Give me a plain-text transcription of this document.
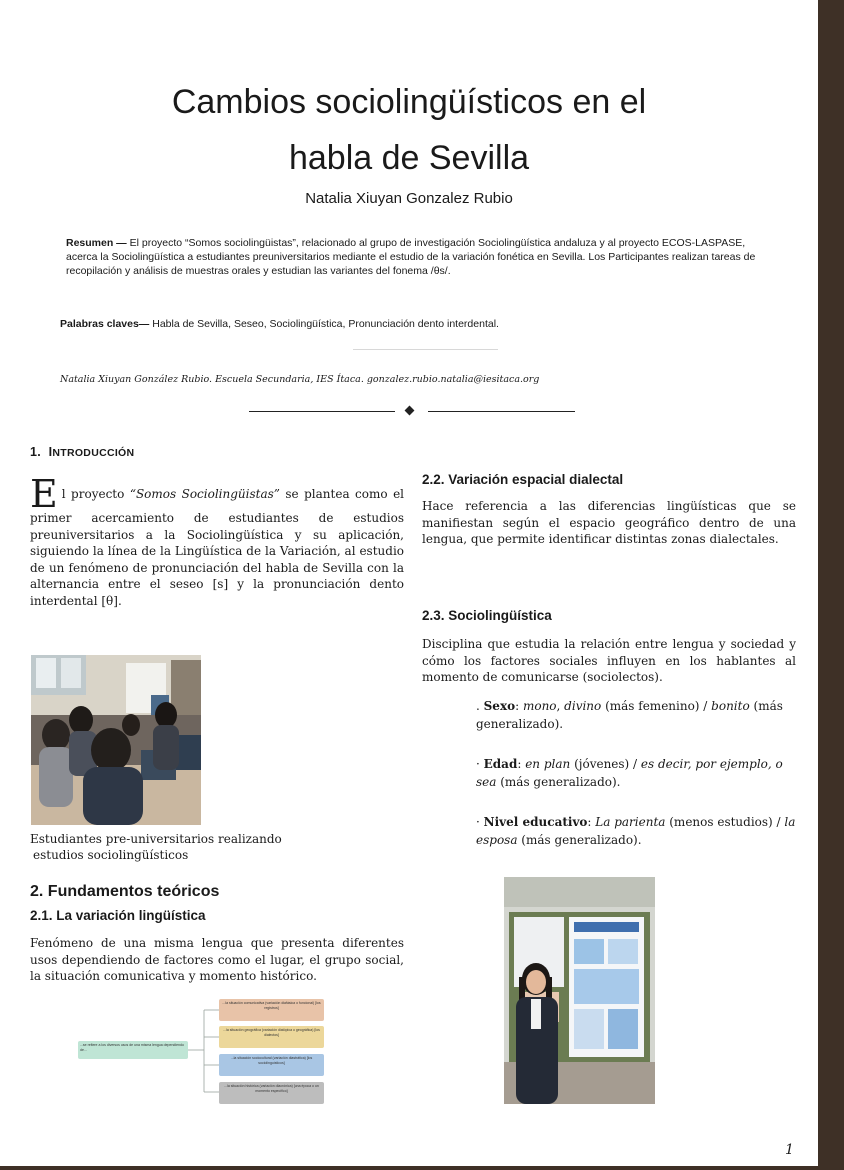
Cambios sociolingüísticos en el
habla de Sevilla
Natalia Xiuyan Gonzalez Rubio
Resumen — El proyecto “Somos sociolingüistas”, relacionado al grupo de investigación Sociolingüística andaluza y al proyecto ECOS-LASPASE, acerca la Sociolingüística a estudiantes preuniversitarios mediante el estudio de la variación fonética en Sevilla. Los Participantes realizan tareas de recopilación y análisis de muestras orales y estudian las variantes del fonema /θs/.
Palabras claves— Habla de Sevilla, Seseo, Sociolingüística, Pronunciación dento interdental.
Natalia Xiuyan González Rubio. Escuela Secundaria, IES Ítaca. gonzalez.rubio.natalia@iesitaca.org
1. INTRODUCCIÓN
El proyecto “Somos Sociolingüistas” se plantea como el primer acercamiento de estudiantes de estudios preuniversitarios a la Sociolingüística y su aplicación, siguiendo la línea de la Lingüística de la Variación, al estudio de un fenómeno de pronunciación del habla de Sevilla con la alternancia entre el seseo [s] y la pronunciación dento interdental [θ].
Estudiantes pre-universitarios realizando
estudios sociolingüísticos
2. Fundamentos teóricos
2.1. La variación lingüística
Fenómeno de una misma lengua que presenta diferentes usos dependiendo de factores como el lugar, el grupo social, la situación comunicativa y momento histórico.
...se refiere a los diversos usos de una misma lengua dependiendo de...
...la situación comunicativa (variación diafásica o funcional) [los registros]
...la situación geográfica (variación diatópica o geográfica) [los dialectos]
...la situación sociocultural (variación diastrática) [los sociolinguísticos]
...la situación histórica (variación diacrónica) [una época o un momento específico]
2.2. Variación espacial dialectal
Hace referencia a las diferencias lingüísticas que se manifiestan según el espacio geográfico dentro de una lengua, que permite identificar distintas zonas dialectales.
2.3. Sociolingüística
Disciplina que estudia la relación entre lengua y sociedad y cómo los factores sociales influyen en los hablantes al momento de comunicarse (sociolectos).
. Sexo: mono, divino (más femenino) / bonito (más generalizado).
· Edad: en plan (jóvenes) / es decir, por ejemplo, o sea (más generalizado).
· Nivel educativo: La parienta (menos estudios) / la esposa (más generalizado).
1
